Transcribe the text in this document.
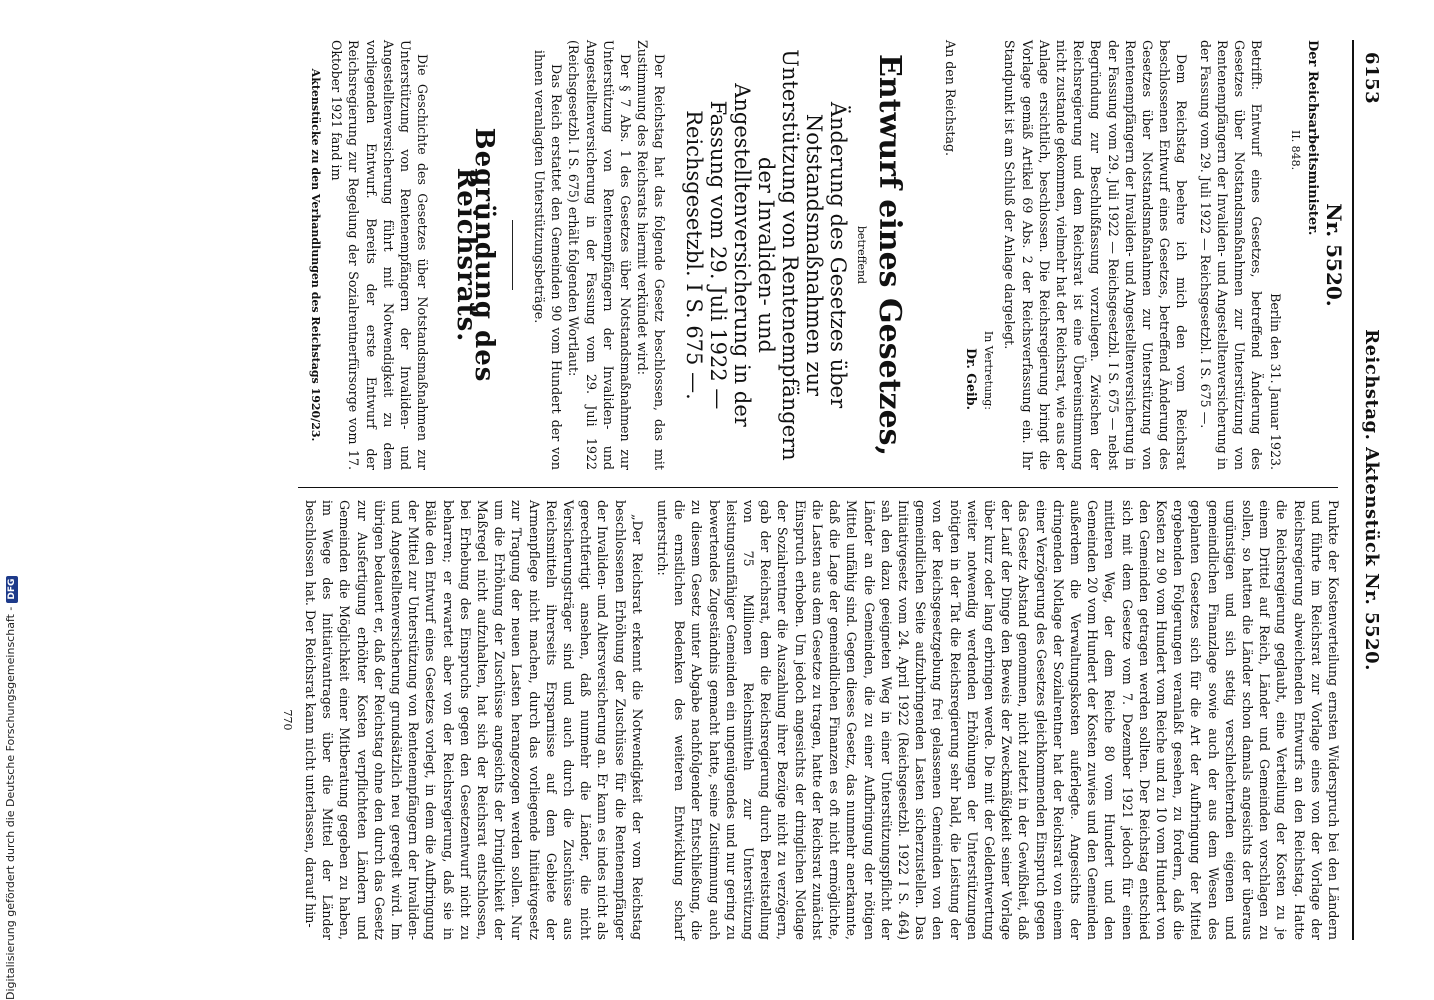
6153
Reichstag. Aktenstück Nr. 5520.
Nr. 5520.
Der Reichsarbeitsminister.
II. 848.
Berlin den 31. Januar 1923.

Betrifft: Entwurf eines Gesetzes, betreffend Änderung des Gesetzes über Notstandsmaßnahmen zur Unterstützung von Rentenempfängern der Invaliden- und Angestelltenversicherung in der Fassung vom 29. Juli 1922 — Reichsgesetzbl. I S. 675 —.

Dem Reichstag beehre ich mich den vom Reichsrat beschlossenen Entwurf eines Gesetzes, betreffend Änderung des Gesetzes über Notstandsmaßnahmen zur Unterstützung von Rentenempfängern der Invaliden- und Angestelltenversicherung in der Fassung vom 29. Juli 1922 — Reichsgesetzbl. I S. 675 — nebst Begründung zur Beschlußfassung vorzulegen. Zwischen der Reichsregierung und dem Reichsrat ist eine Übereinstimmung nicht zustande gekommen, vielmehr hat der Reichsrat, wie aus der Anlage ersichtlich, beschlossen. Die Reichsregierung bringt die Vorlage gemäß Artikel 69 Abs. 2 der Reichsverfassung ein. Ihr Standpunkt ist am Schluß der Anlage dargelegt.

In Vertretung:
Dr. Geib.
An den Reichstag.
Entwurf eines Gesetzes,
betreffend
Änderung des Gesetzes über Notstandsmaßnahmen zur Unterstützung von Rentenempfängern der Invaliden- und Angestelltenversicherung in der Fassung vom 29. Juli 1922 — Reichsgesetzbl. I S. 675 —.

Der Reichstag hat das folgende Gesetz beschlossen, das mit Zustimmung des Reichsrats hiermit verkündet wird:

Der § 7 Abs. 1 des Gesetzes über Notstandsmaßnahmen zur Unterstützung von Rentenempfängern der Invaliden- und Angestelltenversicherung in der Fassung vom 29. Juli 1922 (Reichsgesetzbl. I S. 675) erhält folgenden Wortlaut:

Das Reich erstattet den Gemeinden 90 vom Hundert der von ihnen veranlagten Unterstützungsbeträge.

Begründung des Reichsrats.

Die Geschichte des Gesetzes über Notstandsmaßnahmen zur Unterstützung von Rentenempfängern der Invaliden- und Angestelltenversicherung führt mit Notwendigkeit zu dem vorliegenden Entwurf. Bereits der erste Entwurf der Reichsregierung zur Regelung der Sozialrentnerfürsorge vom 17. Oktober 1921 fand im

Aktenstücke zu den Verhandlungen des Reichstags 1920/23.

Punkte der Kostenverteilung ernsten Widerspruch bei den Ländern und führte im Reichsrat zur Vorlage eines von der Vorlage der Reichsregierung abweichenden Entwurfs an den Reichstag. Hatte die Reichsregierung geglaubt, eine Verteilung der Kosten zu je einem Drittel auf Reich, Länder und Gemeinden vorschlagen zu sollen, so hatten die Länder schon damals angesichts der überaus ungünstigen und sich stetig verschlechternden eigenen und gemeindlichen Finanzlage sowie auch der aus dem Wesen des geplanten Gesetzes sich für die Art der Aufbringung der Mittel ergebenden Folgerungen veranlaßt gesehen, zu fordern, daß die Kosten zu 90 vom Hundert vom Reiche und zu 10 vom Hundert von den Gemeinden getragen werden sollten. Der Reichstag entschied sich mit dem Gesetze vom 7. Dezember 1921 jedoch für einen mittleren Weg, der dem Reiche 80 vom Hundert und den Gemeinden 20 vom Hundert der Kosten zuwies und den Gemeinden außerdem die Verwaltungskosten auferlegte. Angesichts der dringenden Notlage der Sozialrentner hat der Reichsrat von einem einer Verzögerung des Gesetzes gleichkommenden Einspruch gegen das Gesetz Abstand genommen, nicht zuletzt in der Gewißheit, daß der Lauf der Dinge den Beweis der Zweckmäßigkeit seiner Vorlage über kurz oder lang erbringen werde. Die mit der Geldentwertung weiter notwendig werdenden Erhöhungen der Unterstützungen nötigten in der Tat die Reichsregierung sehr bald, die Leistung der von der Reichsgesetzgebung frei gelassenen Gemeinden von den gemeindlichen Seite aufzubringenden Lasten sicherzustellen. Das Initiativgesetz vom 24. April 1922 (Reichsgesetzbl. 1922 I S. 464) sah den dazu geeigneten Weg in einer Unterstützungspflicht der Länder an die Gemeinden, die zu einer Aufbringung der nötigen Mittel unfähig sind. Gegen dieses Gesetz, das nunmehr anerkannte, daß die Lage der gemeindlichen Finanzen es oft nicht ermöglichte, die Lasten aus dem Gesetze zu tragen, hatte der Reichsrat zunächst Einspruch erhoben. Um jedoch angesichts der dringlichen Notlage der Sozialrentner die Auszahlung ihrer Bezüge nicht zu verzögern, gab der Reichsrat, dem die Reichsregierung durch Bereitstellung von 75 Millionen Reichsmitteln zur Unterstützung leistungsunfähiger Gemeinden ein ungenügendes und nur gering zu bewertendes Zugeständnis gemacht hatte, seine Zustimmung auch zu diesem Gesetz unter Abgabe nachfolgender Entschließung, die die ernstlichen Bedenken des weiteren Entwicklung scharf unterstrich:

„Der Reichsrat erkennt die Notwendigkeit der vom Reichstag beschlossenen Erhöhung der Zuschüsse für die Rentenempfänger der Invaliden- und Altersversicherung an. Er kann es indes nicht als gerechtfertigt ansehen, daß nunmehr die Länder, die nicht Versicherungsträger sind und auch durch die Zuschüsse aus Reichsmitteln ihrerseits Ersparnisse auf dem Gebiete der Armenpflege nicht machen, durch das vorliegende Initiativgesetz zur Tragung der neuen Lasten herangezogen werden sollen. Nur um die Erhöhung der Zuschüsse angesichts der Dringlichkeit der Maßregel nicht aufzuhalten, hat sich der Reichsrat entschlossen, bei Erhebung des Einspruchs gegen den Gesetzentwurf nicht zu beharren; er erwartet aber von der Reichsregierung, daß sie in Bälde den Entwurf eines Gesetzes vorlegt, in dem die Aufbringung der Mittel zur Unterstützung von Rentenempfängern der Invaliden- und Angestelltenversicherung grundsätzlich neu geregelt wird. Im übrigen bedauert er, daß der Reichstag ohne den durch das Gesetz zur Ausfertigung erhöhter Kosten verpflichteten Ländern und Gemeinden die Möglichkeit einer Mitberatung gegeben zu haben, im Wege des Initiativantrages über die Mittel der Länder beschlossen hat. Der Reichsrat kann nicht unterlassen, darauf hin-

770
Digitalisierung gefördert durch die Deutsche Forschungsgemeinschaft -DFG
